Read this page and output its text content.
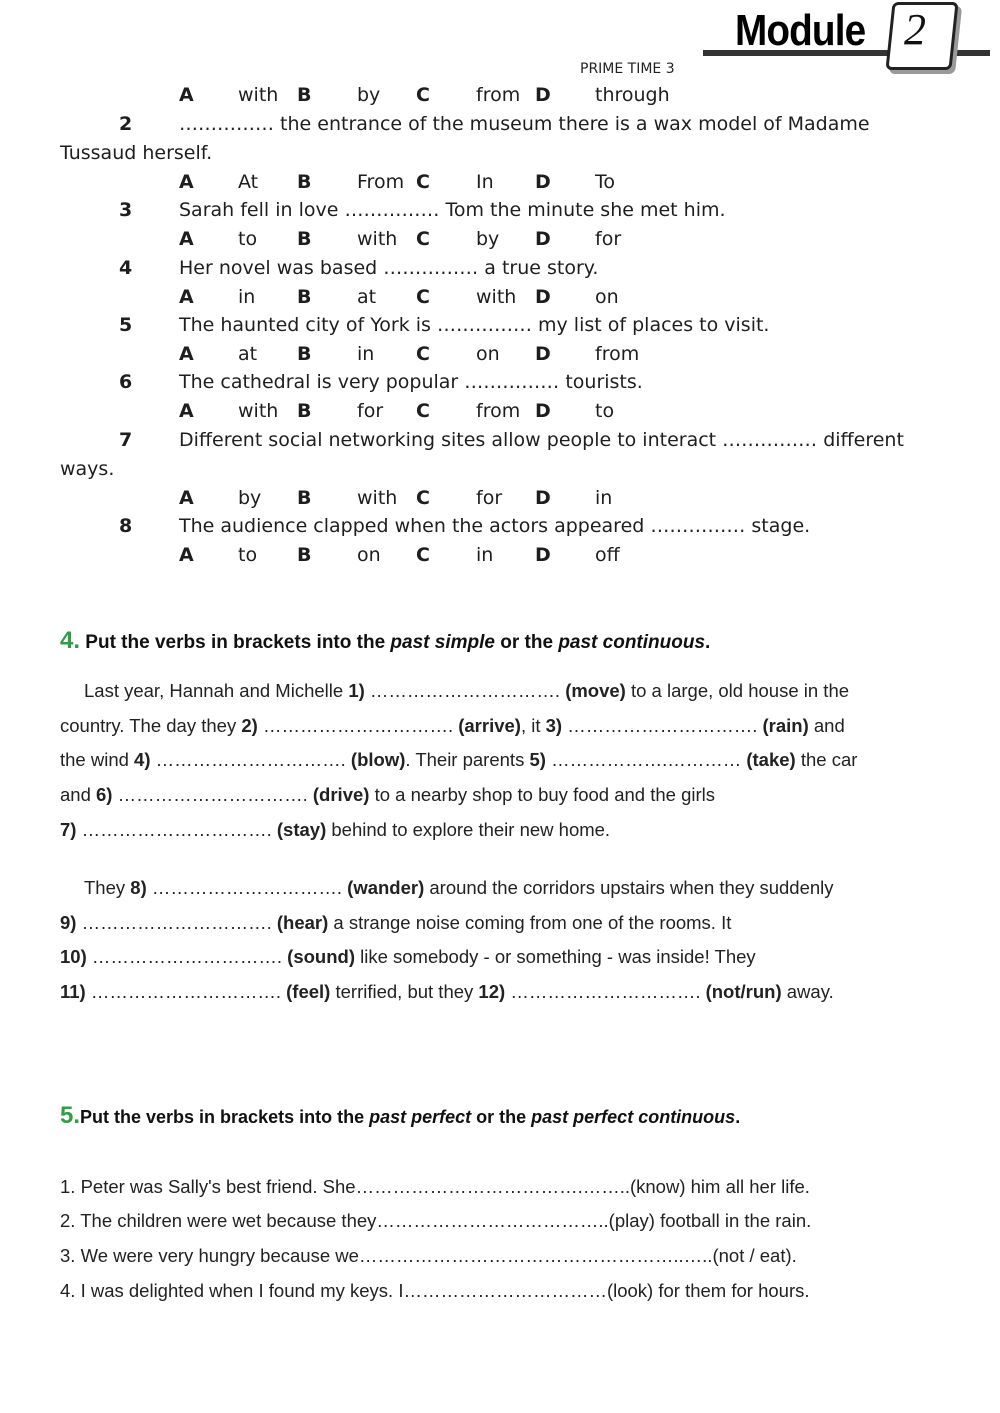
Module 2
PRIME TIME 3
A with B by C from D through
2 …………… the entrance of the museum there is a wax model of Madame
Tussaud herself.
A At B From C In D To
3 Sarah fell in love …………… Tom the minute she met him.
A to B with C by D for
4 Her novel was based …………… a true story.
A in B at C with D on
5 The haunted city of York is …………… my list of places to visit.
A at B in C on D from
6 The cathedral is very popular …………… tourists.
A with B for C from D to
7 Different social networking sites allow people to interact …………… different
ways.
A by B with C for D in
8 The audience clapped when the actors appeared …………… stage.
A to B on C in D off
4. Put the verbs in brackets into the past simple or the past continuous.
Last year, Hannah and Michelle 1) …………………………. (move) to a large, old house in the
country. The day they 2) …………………………. (arrive), it 3) …………………………. (rain) and
the wind 4) …………………………. (blow). Their parents 5) ……………….………… (take) the car
and 6) …………………………. (drive) to a nearby shop to buy food and the girls
7) …………………………. (stay) behind to explore their new home.
They 8) …………………………. (wander) around the corridors upstairs when they suddenly
9) …………………………. (hear) a strange noise coming from one of the rooms. It
10) …………………………. (sound) like somebody - or something - was inside! They
11) …………………………. (feel) terrified, but they 12) …………………………. (not/run) away.
5.Put the verbs in brackets into the past perfect or the past perfect continuous.
1. Peter was Sally's best friend. She……………………………….……..(know) him all her life.
2. The children were wet because they………………………………..(play) football in the rain.
3. We were very hungry because we……………………………………………..…..(not / eat).
4. I was delighted when I found my keys. I……………………………(look) for them for hours.
